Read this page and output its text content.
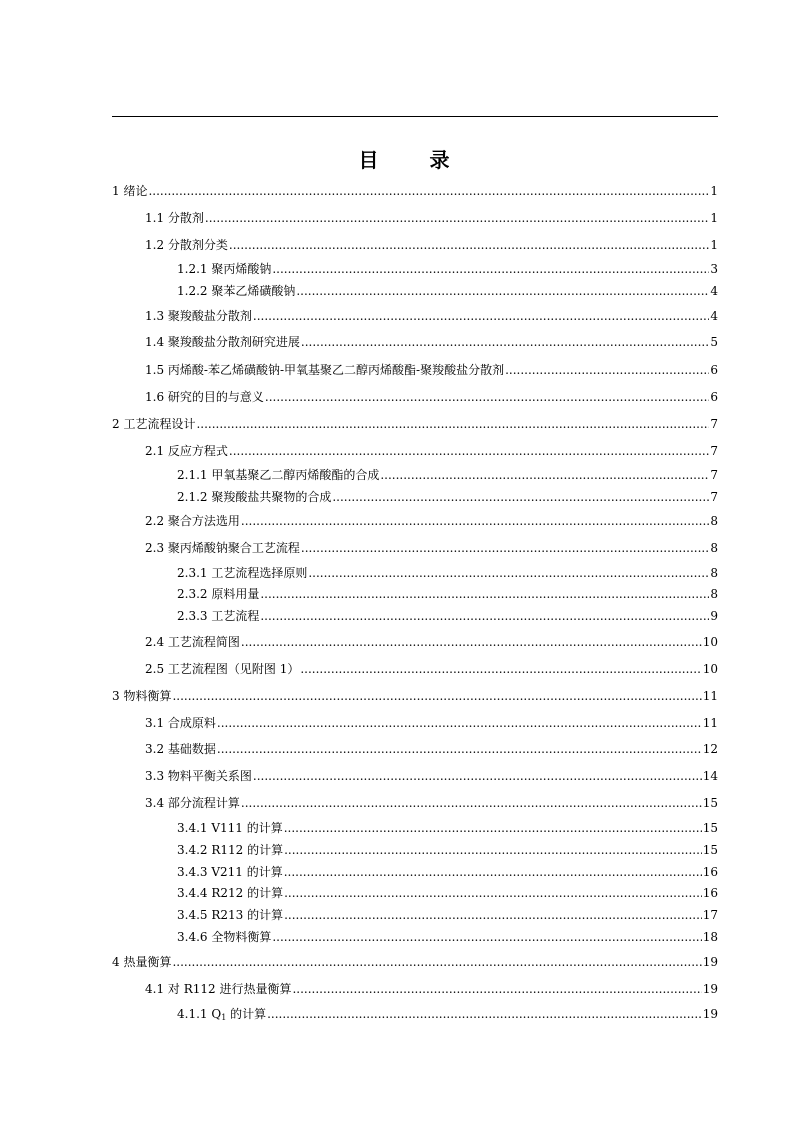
目 录
1 绪论 .....	1
1.1 分散剂 .....	1
1.2 分散剂分类 .....	1
1.2.1 聚丙烯酸钠 .....	3
1.2.2 聚苯乙烯磺酸钠 .....	4
1.3 聚羧酸盐分散剂 .....	4
1.4 聚羧酸盐分散剂研究进展 .....	5
1.5 丙烯酸-苯乙烯磺酸钠-甲氧基聚乙二醇丙烯酸酯-聚羧酸盐分散剂 .....	6
1.6 研究的目的与意义 .....	6
2 工艺流程设计 .....	7
2.1 反应方程式 .....	7
2.1.1 甲氧基聚乙二醇丙烯酸酯的合成 .....	7
2.1.2 聚羧酸盐共聚物的合成 .....	7
2.2 聚合方法选用 .....	8
2.3 聚丙烯酸钠聚合工艺流程 .....	8
2.3.1 工艺流程选择原则 .....	8
2.3.2 原料用量 .....	8
2.3.3 工艺流程 .....	9
2.4 工艺流程简图 .....	10
2.5 工艺流程图（见附图 1） .....	10
3 物料衡算 .....	11
3.1 合成原料 .....	11
3.2 基础数据 .....	12
3.3 物料平衡关系图 .....	14
3.4 部分流程计算 .....	15
3.4.1 V111 的计算 .....	15
3.4.2 R112 的计算 .....	15
3.4.3 V211 的计算 .....	16
3.4.4 R212 的计算 .....	16
3.4.5 R213 的计算 .....	17
3.4.6 全物料衡算 .....	18
4 热量衡算 .....	19
4.1 对 R112 进行热量衡算 .....	19
4.1.1 $Q_1$ 的计算 .....	19
